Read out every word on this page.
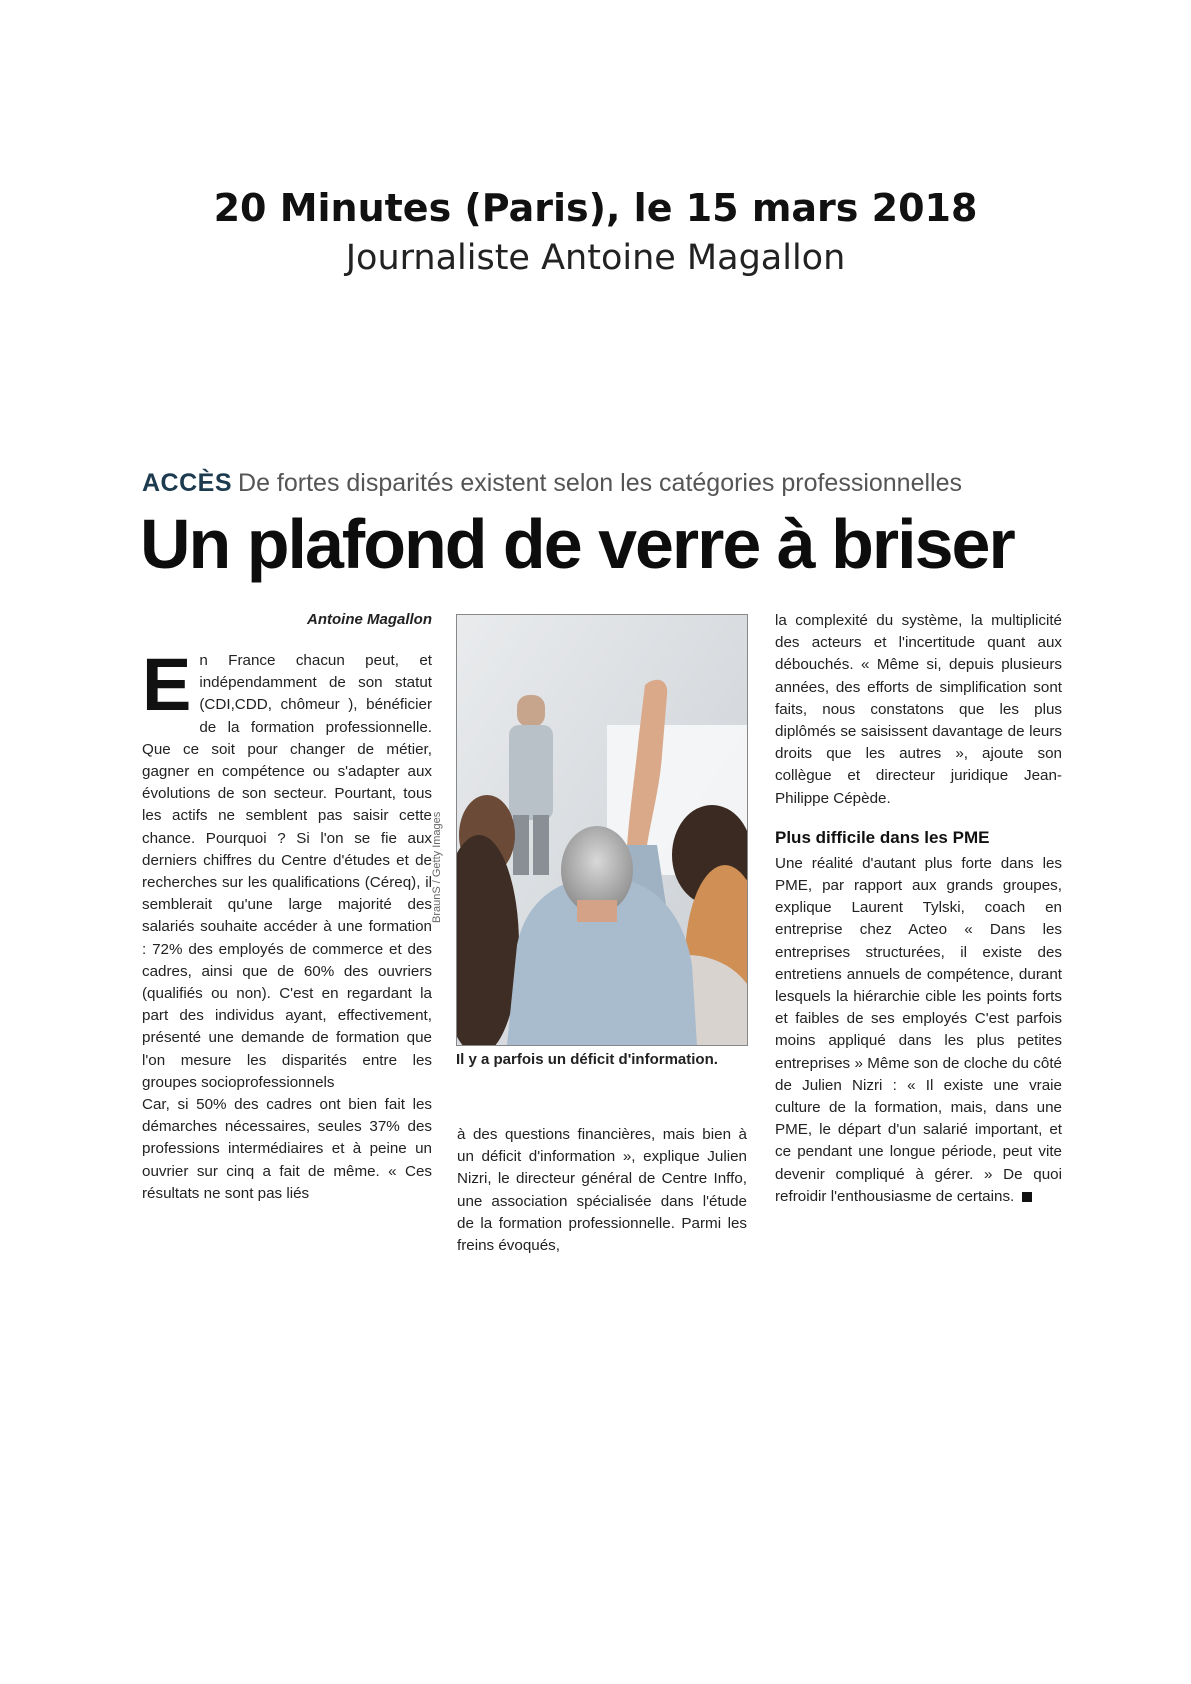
20 Minutes (Paris), le 15 mars 2018
Journaliste Antoine Magallon
ACCÈS De fortes disparités existent selon les catégories professionnelles
Un plafond de verre à briser
Antoine Magallon
E n France chacun peut, et indépendamment de son statut (CDI,CDD, chômeur ), bénéficier de la formation professionnelle. Que ce soit pour changer de métier, gagner en compétence ou s'adapter aux évolutions de son secteur. Pourtant, tous les actifs ne semblent pas saisir cette chance. Pourquoi ? Si l'on se fie aux derniers chiffres du Centre d'études et de recherches sur les qualifications (Céreq), il semblerait qu'une large majorité des salariés souhaite accéder à une formation : 72% des employés de commerce et des cadres, ainsi que de 60% des ouvriers (qualifiés ou non). C'est en regardant la part des individus ayant, effectivement, présenté une demande de formation que l'on mesure les disparités entre les groupes socioprofessionnels

Car, si 50% des cadres ont bien fait les démarches nécessaires, seules 37% des professions intermédiaires et à peine un ouvrier sur cinq a fait de même. « Ces résultats ne sont pas liés

BraunS / Getty Images
Il y a parfois un déficit d'information.

à des questions financières, mais bien à un déficit d'information », explique Julien Nizri, le directeur général de Centre Inffo, une association spécialisée dans l'étude de la formation professionnelle. Parmi les freins évoqués,

la complexité du système, la multiplicité des acteurs et l'incertitude quant aux débouchés. « Même si, depuis plusieurs années, des efforts de simplification sont faits, nous constatons que les plus diplômés se saisissent davantage de leurs droits que les autres », ajoute son collègue et directeur juridique Jean-Philippe Cépède.

Plus difficile dans les PME

Une réalité d'autant plus forte dans les PME, par rapport aux grands groupes, explique Laurent Tylski, coach en entreprise chez Acteo « Dans les entreprises structurées, il existe des entretiens annuels de compétence, durant lesquels la hiérarchie cible les points forts et faibles de ses employés C'est parfois moins appliqué dans les plus petites entreprises » Même son de cloche du côté de Julien Nizri : « Il existe une vraie culture de la formation, mais, dans une PME, le départ d'un salarié important, et ce pendant une longue période, peut vite devenir compliqué à gérer. » De quoi refroidir l'enthousiasme de certains.
